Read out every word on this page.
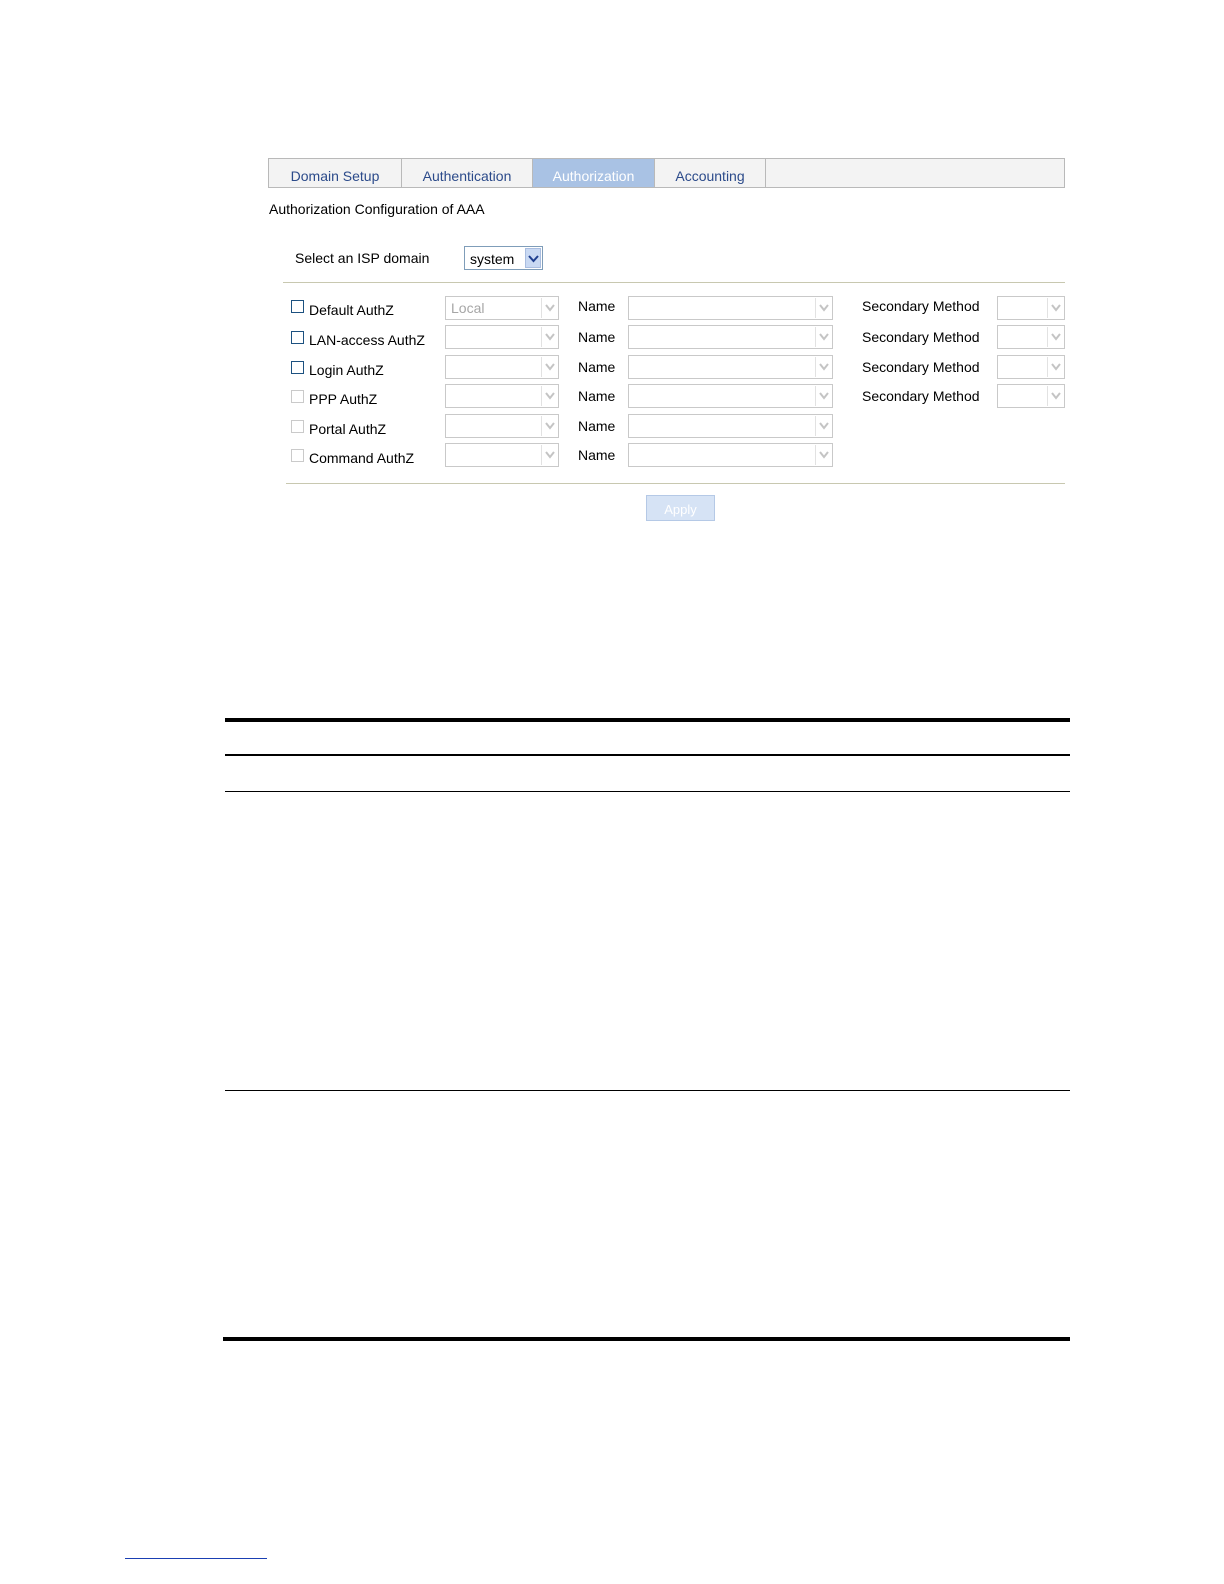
Domain Setup	Authentication	Authorization	Accounting
Authorization Configuration of AAA
Select an ISP domain	system
Default AuthZ	Local	Name	Secondary Method
LAN-access AuthZ	Name	Secondary Method
Login AuthZ	Name	Secondary Method
PPP AuthZ	Name	Secondary Method
Portal AuthZ	Name
Command AuthZ	Name
Apply
